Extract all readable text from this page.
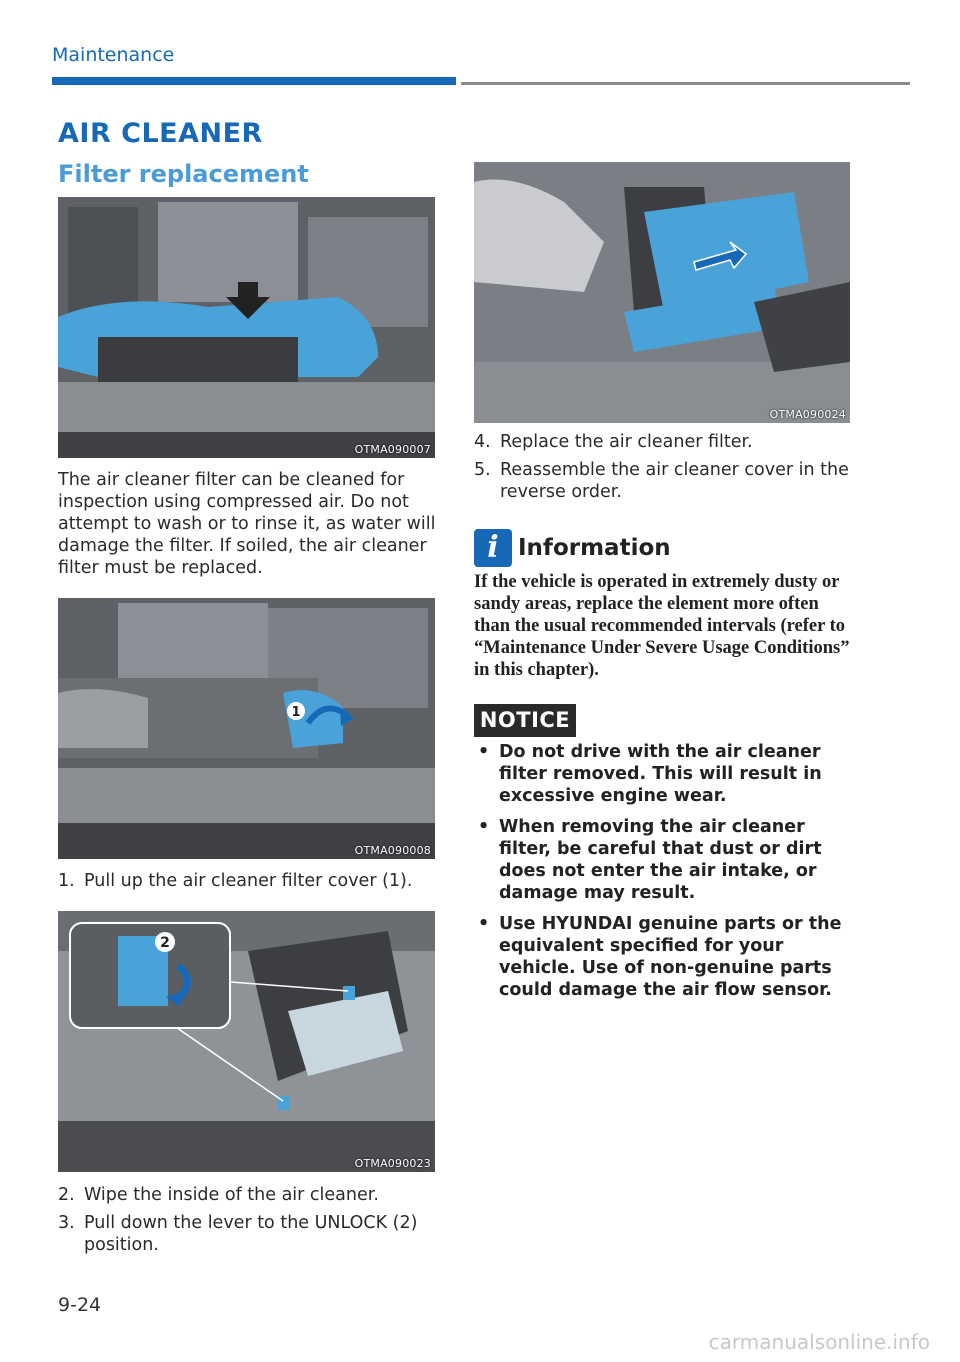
Maintenance
AIR CLEANER
Filter replacement
OTMA090007
The air cleaner filter can be cleaned for inspection using compressed air. Do not attempt to wash or to rinse it, as water will damage the filter. If soiled, the air cleaner filter must be replaced.
1
OTMA090008
1. Pull up the air cleaner filter cover (1).
2
OTMA090023
2. Wipe the inside of the air cleaner.
3. Pull down the lever to the UNLOCK (2) position.
OTMA090024
4. Replace the air cleaner filter.
5. Reassemble the air cleaner cover in the reverse order.
i Information
If the vehicle is operated in extremely dusty or sandy areas, replace the element more often than the usual recommended intervals (refer to “Maintenance Under Severe Usage Conditions” in this chapter).
NOTICE
• Do not drive with the air cleaner filter removed. This will result in excessive engine wear.
• When removing the air cleaner filter, be careful that dust or dirt does not enter the air intake, or damage may result.
• Use HYUNDAI genuine parts or the equivalent specified for your vehicle. Use of non-genuine parts could damage the air flow sensor.
9-24
carmanualsonline.info
